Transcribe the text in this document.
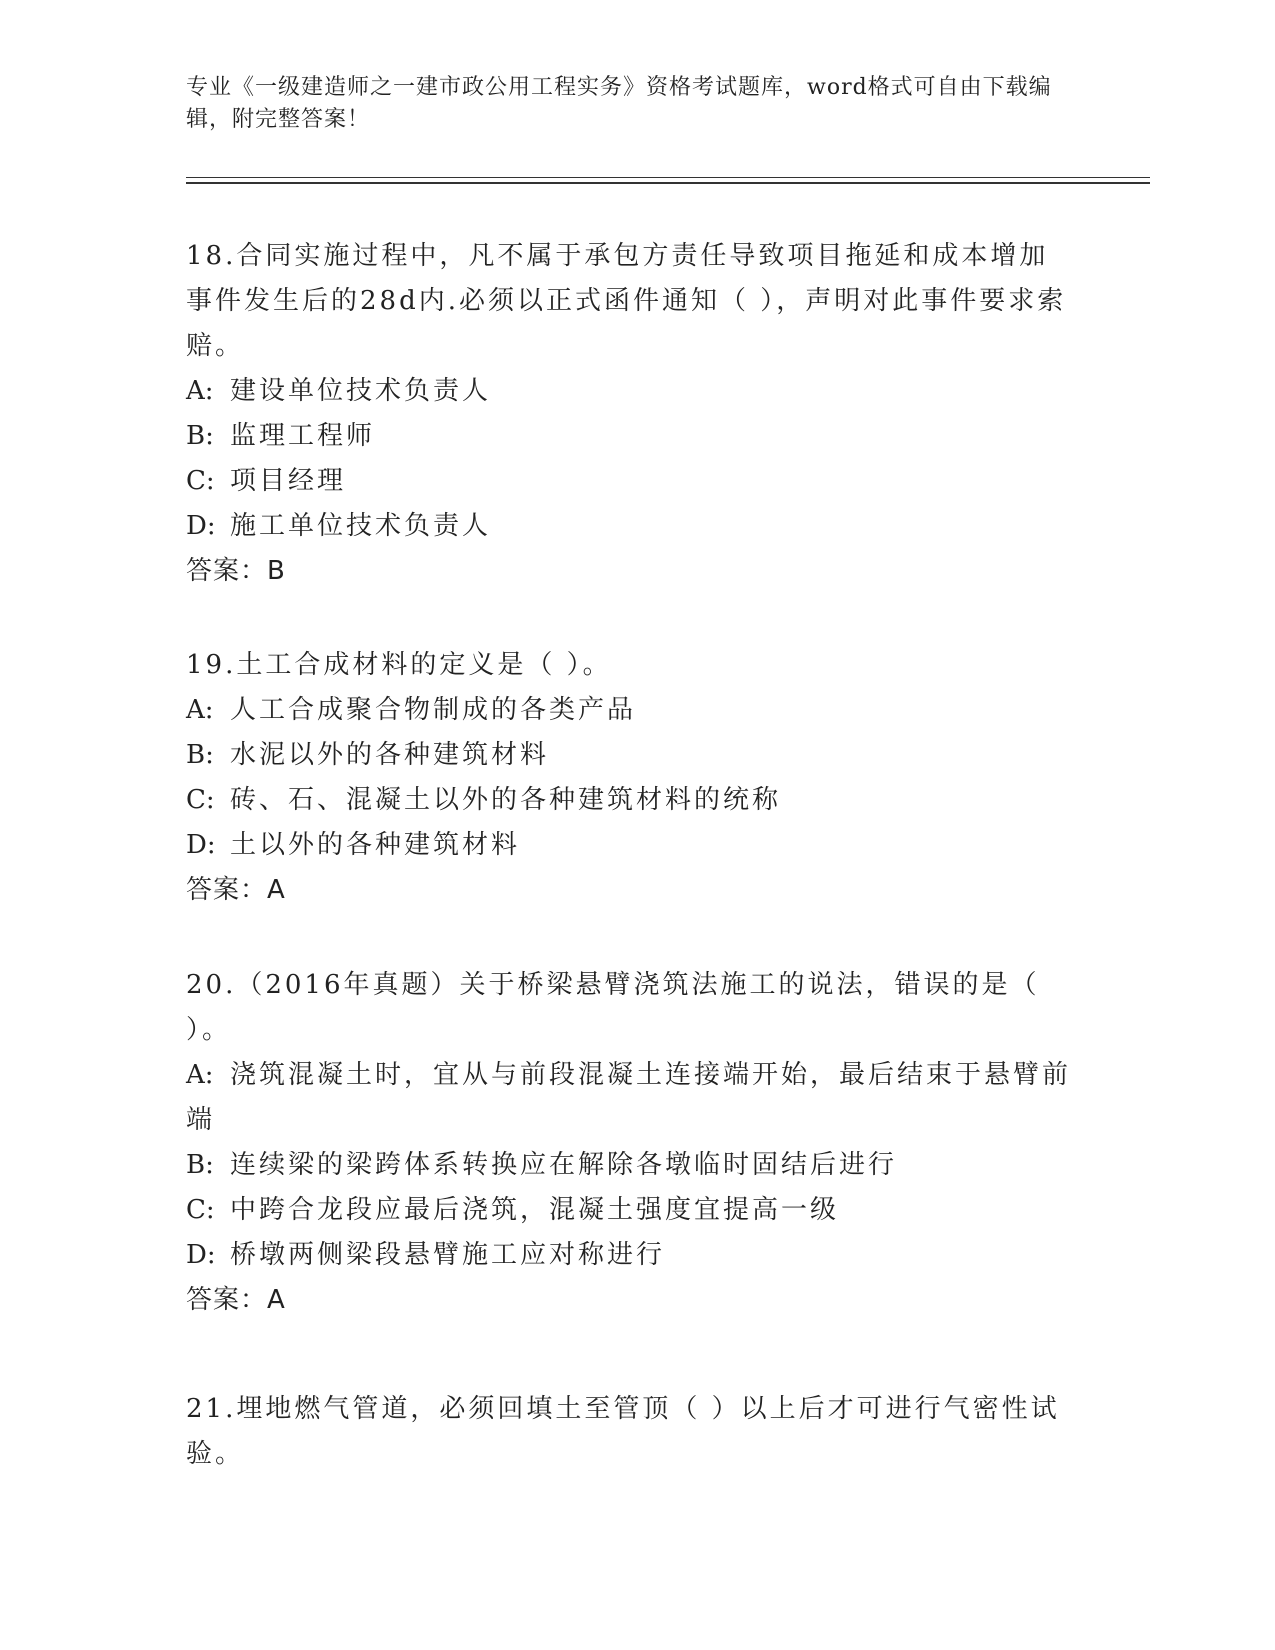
专业《一级建造师之一建市政公用工程实务》资格考试题库，word格式可自由下载编辑，附完整答案！

18.合同实施过程中，凡不属于承包方责任导致项目拖延和成本增加事件发生后的28d内.必须以正式函件通知（ ），声明对此事件要求索赔。

A: 建设单位技术负责人

B: 监理工程师

C: 项目经理

D: 施工单位技术负责人

答案：B

19.土工合成材料的定义是（ ）。

A: 人工合成聚合物制成的各类产品

B: 水泥以外的各种建筑材料

C: 砖、石、混凝土以外的各种建筑材料的统称

D: 土以外的各种建筑材料

答案：A

20.（2016年真题）关于桥梁悬臂浇筑法施工的说法，错误的是（ ）。

A: 浇筑混凝土时，宜从与前段混凝土连接端开始，最后结束于悬臂前端

B: 连续梁的梁跨体系转换应在解除各墩临时固结后进行

C: 中跨合龙段应最后浇筑，混凝土强度宜提高一级

D: 桥墩两侧梁段悬臂施工应对称进行

答案：A

21.埋地燃气管道，必须回填土至管顶（ ）以上后才可进行气密性试验。
